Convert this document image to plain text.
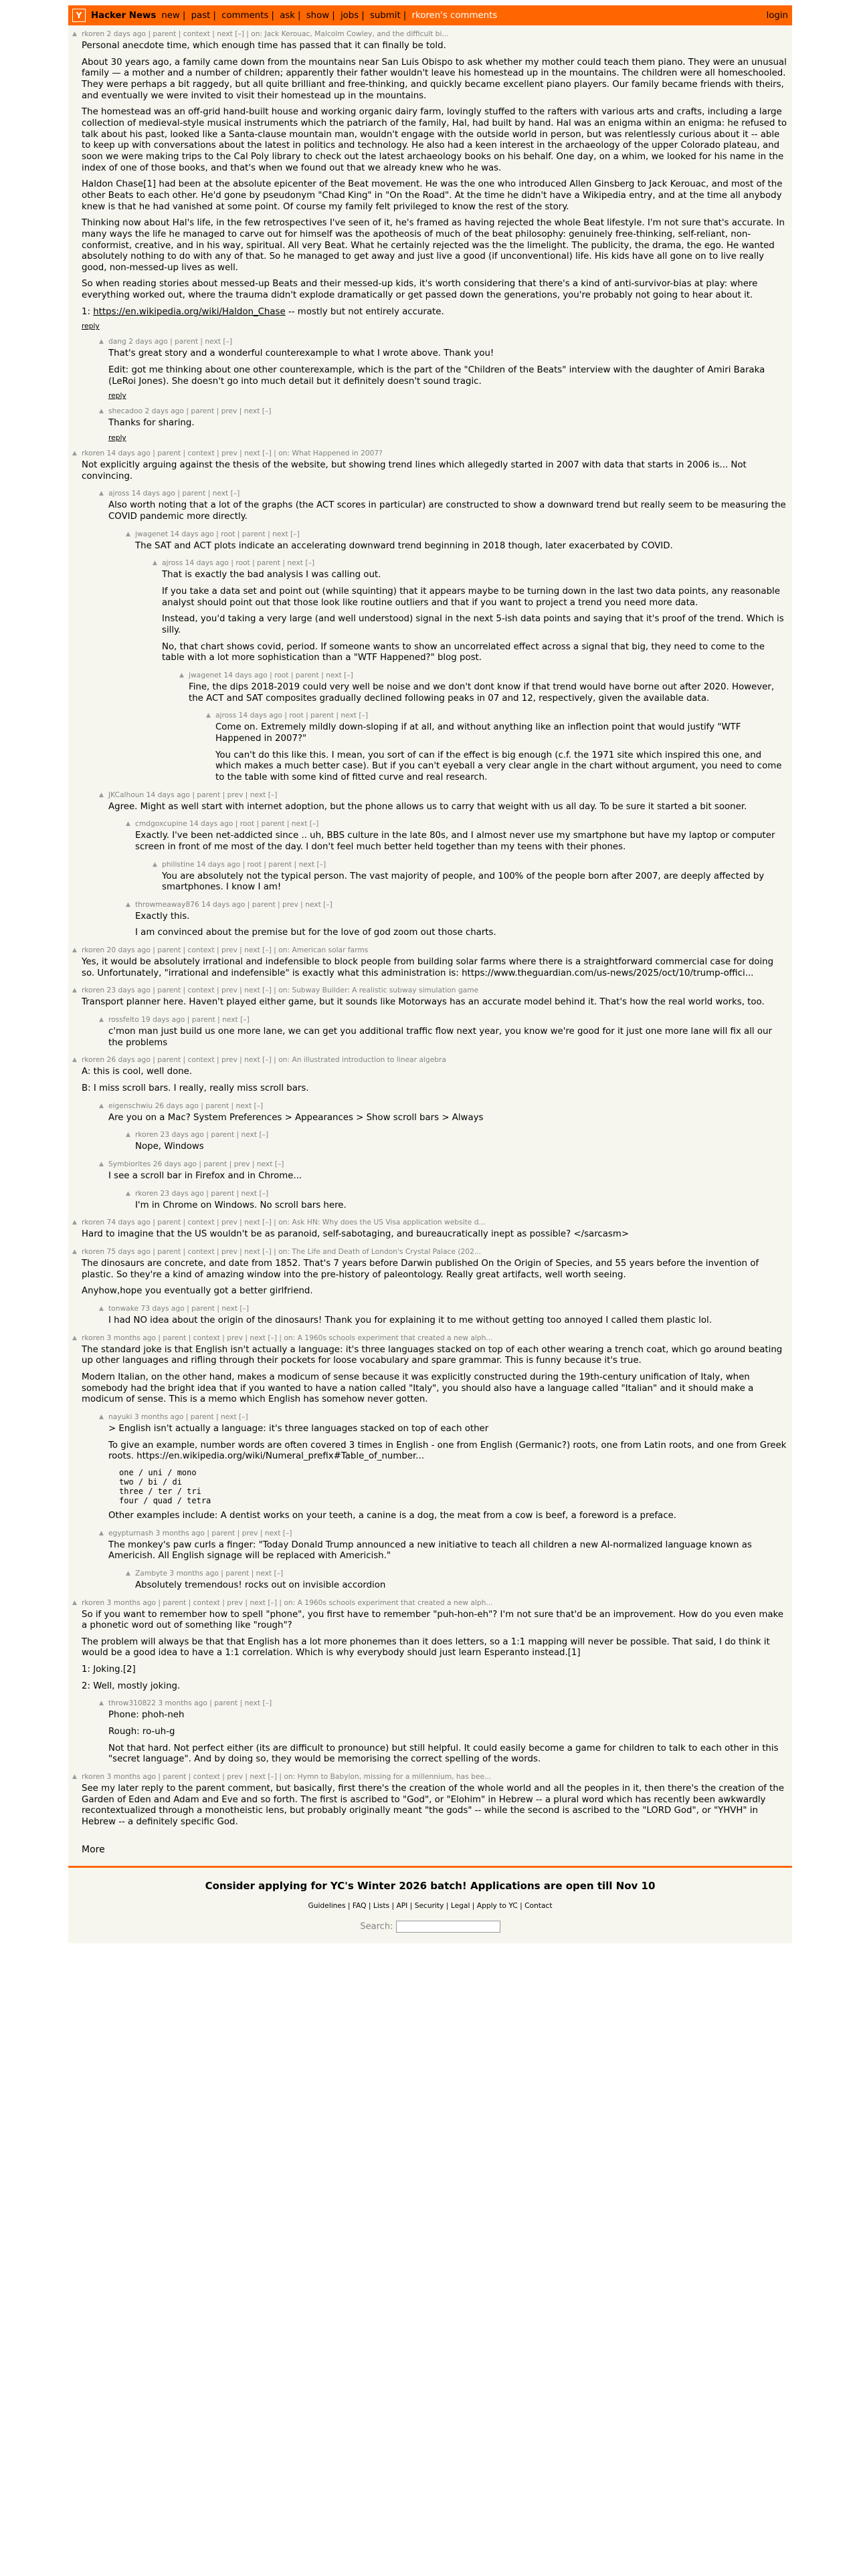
Y	Hacker News new | past | comments | ask | show | jobs | submit | rkoren's comments	login
▲ rkoren 2 days ago | parent | context | next [–] | on: Jack Kerouac, Malcolm Cowley, and the difficult bi...
Personal anecdote time, which enough time has passed that it can finally be told.
About 30 years ago, a family came down from the mountains near San Luis Obispo to ask whether my mother could teach them piano. They were an unusual family — a mother and a number of children; apparently their father wouldn't leave his homestead up in the mountains. The children were all homeschooled. They were perhaps a bit raggedy, but all quite brilliant and free-thinking, and quickly became excellent piano players. Our family became friends with theirs, and eventually we were invited to visit their homestead up in the mountains.
The homestead was an off-grid hand-built house and working organic dairy farm, lovingly stuffed to the rafters with various arts and crafts, including a large collection of medieval-style musical instruments which the patriarch of the family, Hal, had built by hand. Hal was an enigma within an enigma: he refused to talk about his past, looked like a Santa-clause mountain man, wouldn't engage with the outside world in person, but was relentlessly curious about it -- able to keep up with conversations about the latest in politics and technology. He also had a keen interest in the archaeology of the upper Colorado plateau, and soon we were making trips to the Cal Poly library to check out the latest archaeology books on his behalf. One day, on a whim, we looked for his name in the index of one of those books, and that's when we found out that we already knew who he was.
Haldon Chase[1] had been at the absolute epicenter of the Beat movement. He was the one who introduced Allen Ginsberg to Jack Kerouac, and most of the other Beats to each other. He'd gone by pseudonym "Chad King" in "On the Road". At the time he didn't have a Wikipedia entry, and at the time all anybody knew is that he had vanished at some point. Of course my family felt privileged to know the rest of the story.
Thinking now about Hal's life, in the few retrospectives I've seen of it, he's framed as having rejected the whole Beat lifestyle. I'm not sure that's accurate. In many ways the life he managed to carve out for himself was the apotheosis of much of the beat philosophy: genuinely free-thinking, self-reliant, non-conformist, creative, and in his way, spiritual. All very Beat. What he certainly rejected was the the limelight. The publicity, the drama, the ego. He wanted absolutely nothing to do with any of that. So he managed to get away and just live a good (if unconventional) life. His kids have all gone on to live really good, non-messed-up lives as well.
So when reading stories about messed-up Beats and their messed-up kids, it's worth considering that there's a kind of anti-survivor-bias at play: where everything worked out, where the trauma didn't explode dramatically or get passed down the generations, you're probably not going to hear about it.
1: https://en.wikipedia.org/wiki/Haldon_Chase -- mostly but not entirely accurate.
reply
▲ dang 2 days ago | parent | next [–]
That's great story and a wonderful counterexample to what I wrote above. Thank you!
Edit: got me thinking about one other counterexample, which is the part of the "Children of the Beats" interview with the daughter of Amiri Baraka (LeRoi Jones). She doesn't go into much detail but it definitely doesn't sound tragic.
reply
▲ shecadoo 2 days ago | parent | prev | next [–]
Thanks for sharing.
reply
▲ rkoren 14 days ago | parent | context | prev | next [–] | on: What Happened in 2007?
Not explicitly arguing against the thesis of the website, but showing trend lines which allegedly started in 2007 with data that starts in 2006 is... Not convincing.
▲ ajross 14 days ago | parent | next [–]
Also worth noting that a lot of the graphs (the ACT scores in particular) are constructed to show a downward trend but really seem to be measuring the COVID pandemic more directly.
▲ jwagenet 14 days ago | root | parent | next [–]
The SAT and ACT plots indicate an accelerating downward trend beginning in 2018 though, later exacerbated by COVID.
▲ ajross 14 days ago | root | parent | next [–]
That is exactly the bad analysis I was calling out.
If you take a data set and point out (while squinting) that it appears maybe to be turning down in the last two data points, any reasonable analyst should point out that those look like routine outliers and that if you want to project a trend you need more data.
Instead, you'd taking a very large (and well understood) signal in the next 5-ish data points and saying that it's proof of the trend. Which is silly.
No, that chart shows covid, period. If someone wants to show an uncorrelated effect across a signal that big, they need to come to the table with a lot more sophistication than a "WTF Happened?" blog post.
▲ jwagenet 14 days ago | root | parent | next [–]
Fine, the dips 2018-2019 could very well be noise and we don't dont know if that trend would have borne out after 2020. However, the ACT and SAT composites gradually declined following peaks in 07 and 12, respectively, given the available data.
▲ ajross 14 days ago | root | parent | next [–]
Come on. Extremely mildly down-sloping if at all, and without anything like an inflection point that would justify "WTF Happened in 2007?"
You can't do this like this. I mean, you sort of can if the effect is big enough (c.f. the 1971 site which inspired this one, and which makes a much better case). But if you can't eyeball a very clear angle in the chart without argument, you need to come to the table with some kind of fitted curve and real research.
▲ JKCalhoun 14 days ago | parent | prev | next [–]
Agree. Might as well start with internet adoption, but the phone allows us to carry that weight with us all day. To be sure it started a bit sooner.
▲ cmdgoxcupine 14 days ago | root | parent | next [–]
Exactly. I've been net-addicted since .. uh, BBS culture in the late 80s, and I almost never use my smartphone but have my laptop or computer screen in front of me most of the day. I don't feel much better held together than my teens with their phones.
▲ philistine 14 days ago | root | parent | next [–]
You are absolutely not the typical person. The vast majority of people, and 100% of the people born after 2007, are deeply affected by smartphones. I know I am!
▲ throwmeaway876 14 days ago | parent | prev | next [–]
Exactly this.
I am convinced about the premise but for the love of god zoom out those charts.
▲ rkoren 20 days ago | parent | context | prev | next [–] | on: American solar farms
Yes, it would be absolutely irrational and indefensible to block people from building solar farms where there is a straightforward commercial case for doing so. Unfortunately, "irrational and indefensible" is exactly what this administration is: https://www.theguardian.com/us-news/2025/oct/10/trump-offici...
▲ rkoren 23 days ago | parent | context | prev | next [–] | on: Subway Builder: A realistic subway simulation game
Transport planner here. Haven't played either game, but it sounds like Motorways has an accurate model behind it. That's how the real world works, too.
▲ rossfelto 19 days ago | parent | next [–]
c'mon man just build us one more lane, we can get you additional traffic flow next year, you know we're good for it just one more lane will fix all our the problems
▲ rkoren 26 days ago | parent | context | prev | next [–] | on: An illustrated introduction to linear algebra
A: this is cool, well done.
B: I miss scroll bars. I really, really miss scroll bars.
▲ eigenschwiu 26 days ago | parent | next [–]
Are you on a Mac? System Preferences > Appearances > Show scroll bars > Always
▲ rkoren 23 days ago | parent | next [–]
Nope, Windows
▲ Symbiorites 26 days ago | parent | prev | next [–]
I see a scroll bar in Firefox and in Chrome...
▲ rkoren 23 days ago | parent | next [–]
I'm in Chrome on Windows. No scroll bars here.
▲ rkoren 74 days ago | parent | context | prev | next [–] | on: Ask HN: Why does the US Visa application website d...
Hard to imagine that the US wouldn't be as paranoid, self-sabotaging, and bureaucratically inept as possible? </sarcasm>
▲ rkoren 75 days ago | parent | context | prev | next [–] | on: The Life and Death of London's Crystal Palace (202...
The dinosaurs are concrete, and date from 1852. That's 7 years before Darwin published On the Origin of Species, and 55 years before the invention of plastic. So they're a kind of amazing window into the pre-history of paleontology. Really great artifacts, well worth seeing.
Anyhow,hope you eventually got a better girlfriend.
▲ tonwake 73 days ago | parent | next [–]
I had NO idea about the origin of the dinosaurs! Thank you for explaining it to me without getting too annoyed I called them plastic lol.
▲ rkoren 3 months ago | parent | context | prev | next [–] | on: A 1960s schools experiment that created a new alph...
The standard joke is that English isn't actually a language: it's three languages stacked on top of each other wearing a trench coat, which go around beating up other languages and rifling through their pockets for loose vocabulary and spare grammar. This is funny because it's true.
Modern Italian, on the other hand, makes a modicum of sense because it was explicitly constructed during the 19th-century unification of Italy, when somebody had the bright idea that if you wanted to have a nation called "Italy", you should also have a language called "Italian" and it should make a modicum of sense. This is a memo which English has somehow never gotten.
▲ nayuki 3 months ago | parent | next [–]
> English isn't actually a language: it's three languages stacked on top of each other
To give an example, number words are often covered 3 times in English - one from English (Germanic?) roots, one from Latin roots, and one from Greek roots. https://en.wikipedia.org/wiki/Numeral_prefix#Table_of_number...
one / uni / mono
two / bi / di
three / ter / tri
four / quad / tetra
Other examples include: A dentist works on your teeth, a canine is a dog, the meat from a cow is beef, a foreword is a preface.
▲ egypturnash 3 months ago | parent | prev | next [–]
The monkey's paw curls a finger: "Today Donald Trump announced a new initiative to teach all children a new AI-normalized language known as Americish. All English signage will be replaced with Americish."
▲ Zambyte 3 months ago | parent | next [–]
Absolutely tremendous! rocks out on invisible accordion
▲ rkoren 3 months ago | parent | context | prev | next [–] | on: A 1960s schools experiment that created a new alph...
So if you want to remember how to spell "phone", you first have to remember "puh-hon-eh"? I'm not sure that'd be an improvement. How do you even make a phonetic word out of something like "rough"?
The problem will always be that that English has a lot more phonemes than it does letters, so a 1:1 mapping will never be possible. That said, I do think it would be a good idea to have a 1:1 correlation. Which is why everybody should just learn Esperanto instead.[1]
1: Joking.[2]
2: Well, mostly joking.
▲ throw310822 3 months ago | parent | next [–]
Phone: phoh-neh
Rough: ro-uh-g
Not that hard. Not perfect either (its are difficult to pronounce) but still helpful. It could easily become a game for children to talk to each other in this "secret language". And by doing so, they would be memorising the correct spelling of the words.
▲ rkoren 3 months ago | parent | context | prev | next [–] | on: Hymn to Babylon, missing for a millennium, has bee...
See my later reply to the parent comment, but basically, first there's the creation of the whole world and all the peoples in it, then there's the creation of the Garden of Eden and Adam and Eve and so forth. The first is ascribed to "God", or "Elohim" in Hebrew -- a plural word which has recently been awkwardly recontextualized through a monotheistic lens, but probably originally meant "the gods" -- while the second is ascribed to the "LORD God", or "YHVH" in Hebrew -- a definitely specific God.
More
Consider applying for YC's Winter 2026 batch! Applications are open till Nov 10
Guidelines | FAQ | Lists | API | Security | Legal | Apply to YC | Contact
Search:
